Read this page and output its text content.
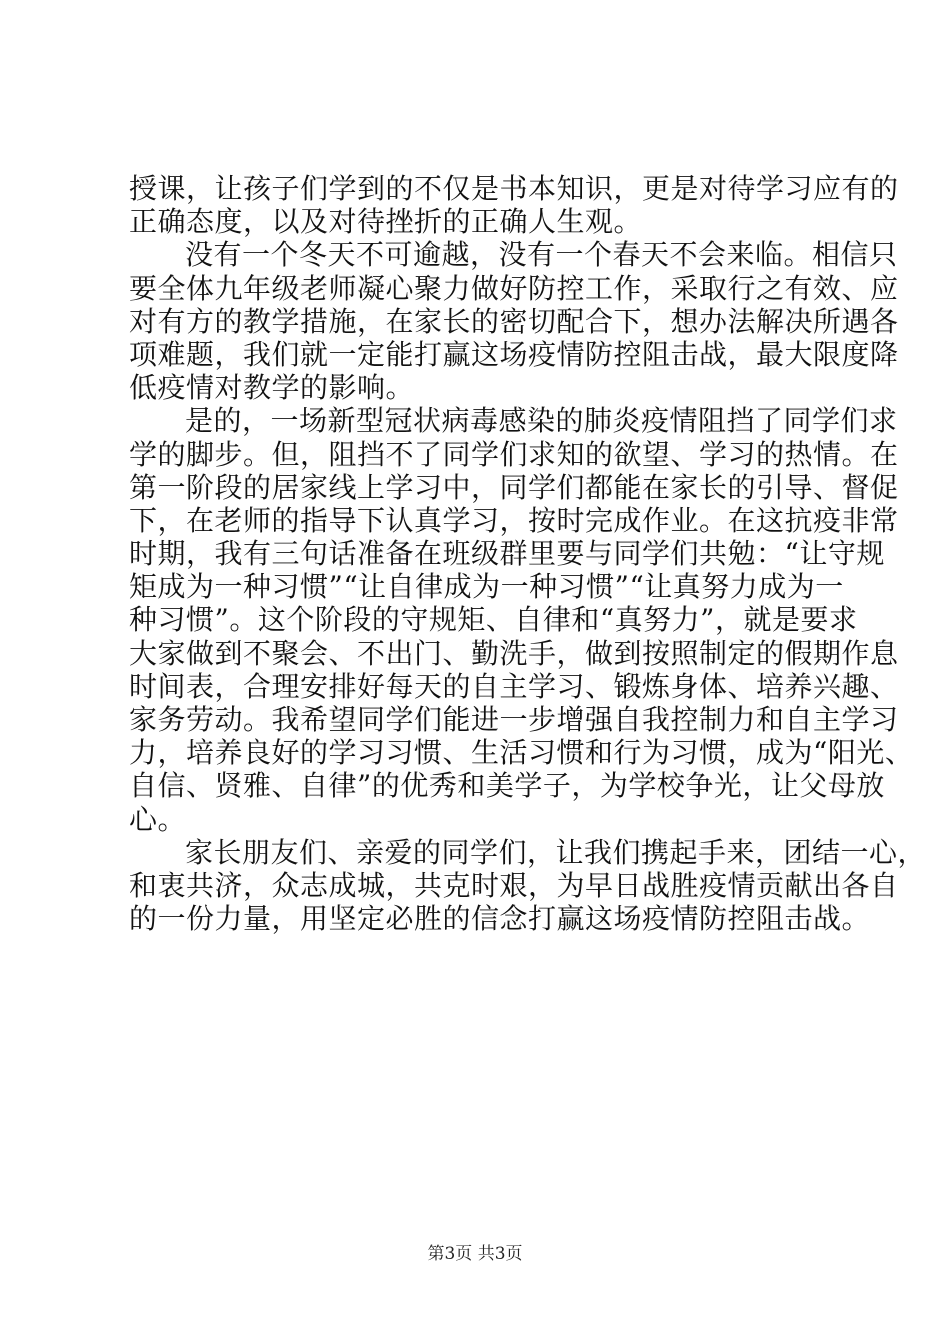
授课，让孩子们学到的不仅是书本知识，更是对待学习应有的
正确态度，以及对待挫折的正确人生观。
没有一个冬天不可逾越，没有一个春天不会来临。相信只
要全体九年级老师凝心聚力做好防控工作，采取行之有效、应
对有方的教学措施，在家长的密切配合下，想办法解决所遇各
项难题，我们就一定能打赢这场疫情防控阻击战，最大限度降
低疫情对教学的影响。
是的，一场新型冠状病毒感染的肺炎疫情阻挡了同学们求
学的脚步。但，阻挡不了同学们求知的欲望、学习的热情。在
第一阶段的居家线上学习中，同学们都能在家长的引导、督促
下，在老师的指导下认真学习，按时完成作业。在这抗疫非常
时期，我有三句话准备在班级群里要与同学们共勉：“让守规
矩成为一种习惯”“让自律成为一种习惯”“让真努力成为一
种习惯”。这个阶段的守规矩、自律和“真努力”，就是要求
大家做到不聚会、不出门、勤洗手，做到按照制定的假期作息
时间表，合理安排好每天的自主学习、锻炼身体、培养兴趣、
家务劳动。我希望同学们能进一步增强自我控制力和自主学习
力，培养良好的学习习惯、生活习惯和行为习惯，成为“阳光、
自信、贤雅、自律”的优秀和美学子，为学校争光，让父母放
心。
家长朋友们、亲爱的同学们，让我们携起手来，团结一心，
和衷共济，众志成城，共克时艰，为早日战胜疫情贡献出各自
的一份力量，用坚定必胜的信念打赢这场疫情防控阻击战。
第3页 共3页
